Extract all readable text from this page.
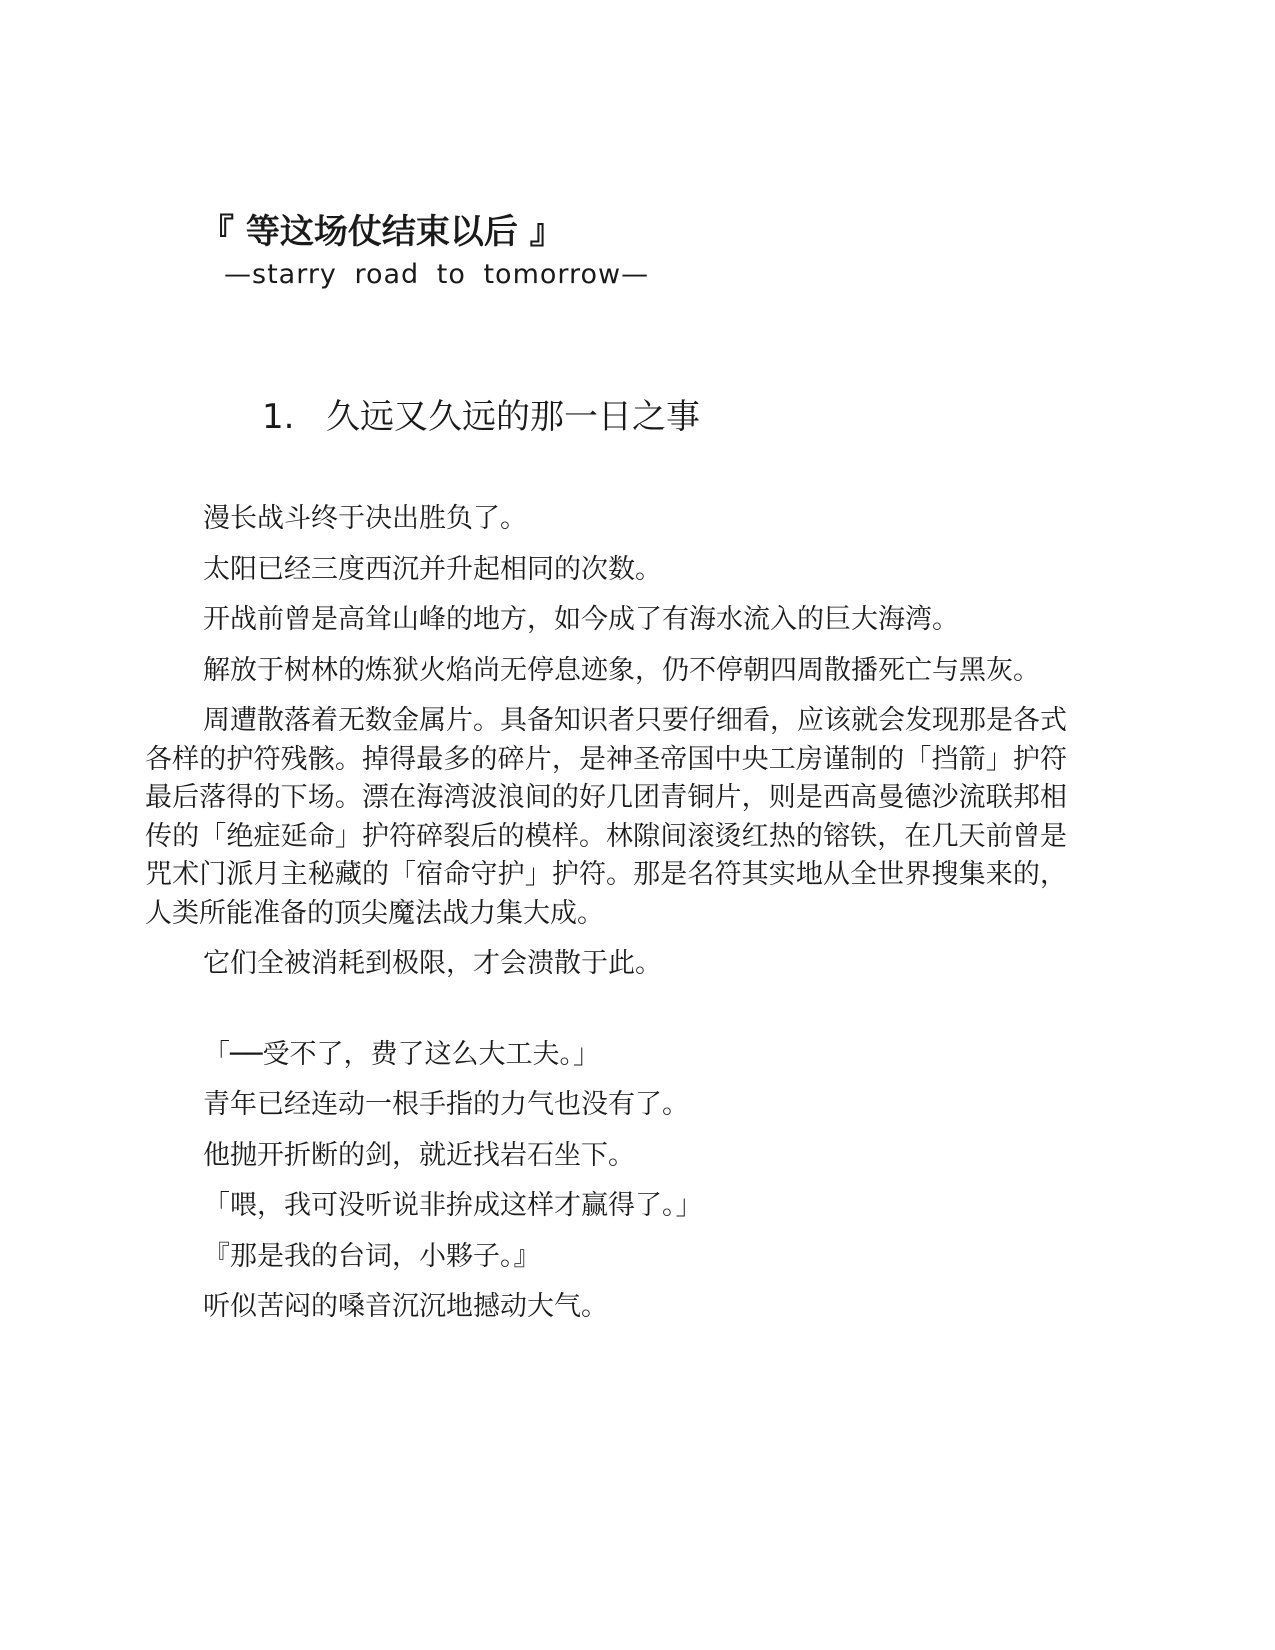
『 等这场仗结束以后 』
—starry road to tomorrow—
1. 久远又久远的那一日之事

漫长战斗终于决出胜负了。

太阳已经三度西沉并升起相同的次数。

开战前曾是高耸山峰的地方，如今成了有海水流入的巨大海湾。

解放于树林的炼狱火焰尚无停息迹象，仍不停朝四周散播死亡与黑灰。

周遭散落着无数金属片。具备知识者只要仔细看，应该就会发现那是各式各样的护符残骸。掉得最多的碎片，是神圣帝国中央工房谨制的「挡箭」护符最后落得的下场。漂在海湾波浪间的好几团青铜片，则是西高曼德沙流联邦相传的「绝症延命」护符碎裂后的模样。林隙间滚烫红热的镕铁，在几天前曾是咒术门派月主秘藏的「宿命守护」护符。那是名符其实地从全世界搜集来的，人类所能准备的顶尖魔法战力集大成。

它们全被消耗到极限，才会溃散于此。

「──受不了，费了这么大工夫。」

青年已经连动一根手指的力气也没有了。

他抛开折断的剑，就近找岩石坐下。

「喂，我可没听说非拚成这样才赢得了。」

『那是我的台词，小夥子。』

听似苦闷的嗓音沉沉地撼动大气。
